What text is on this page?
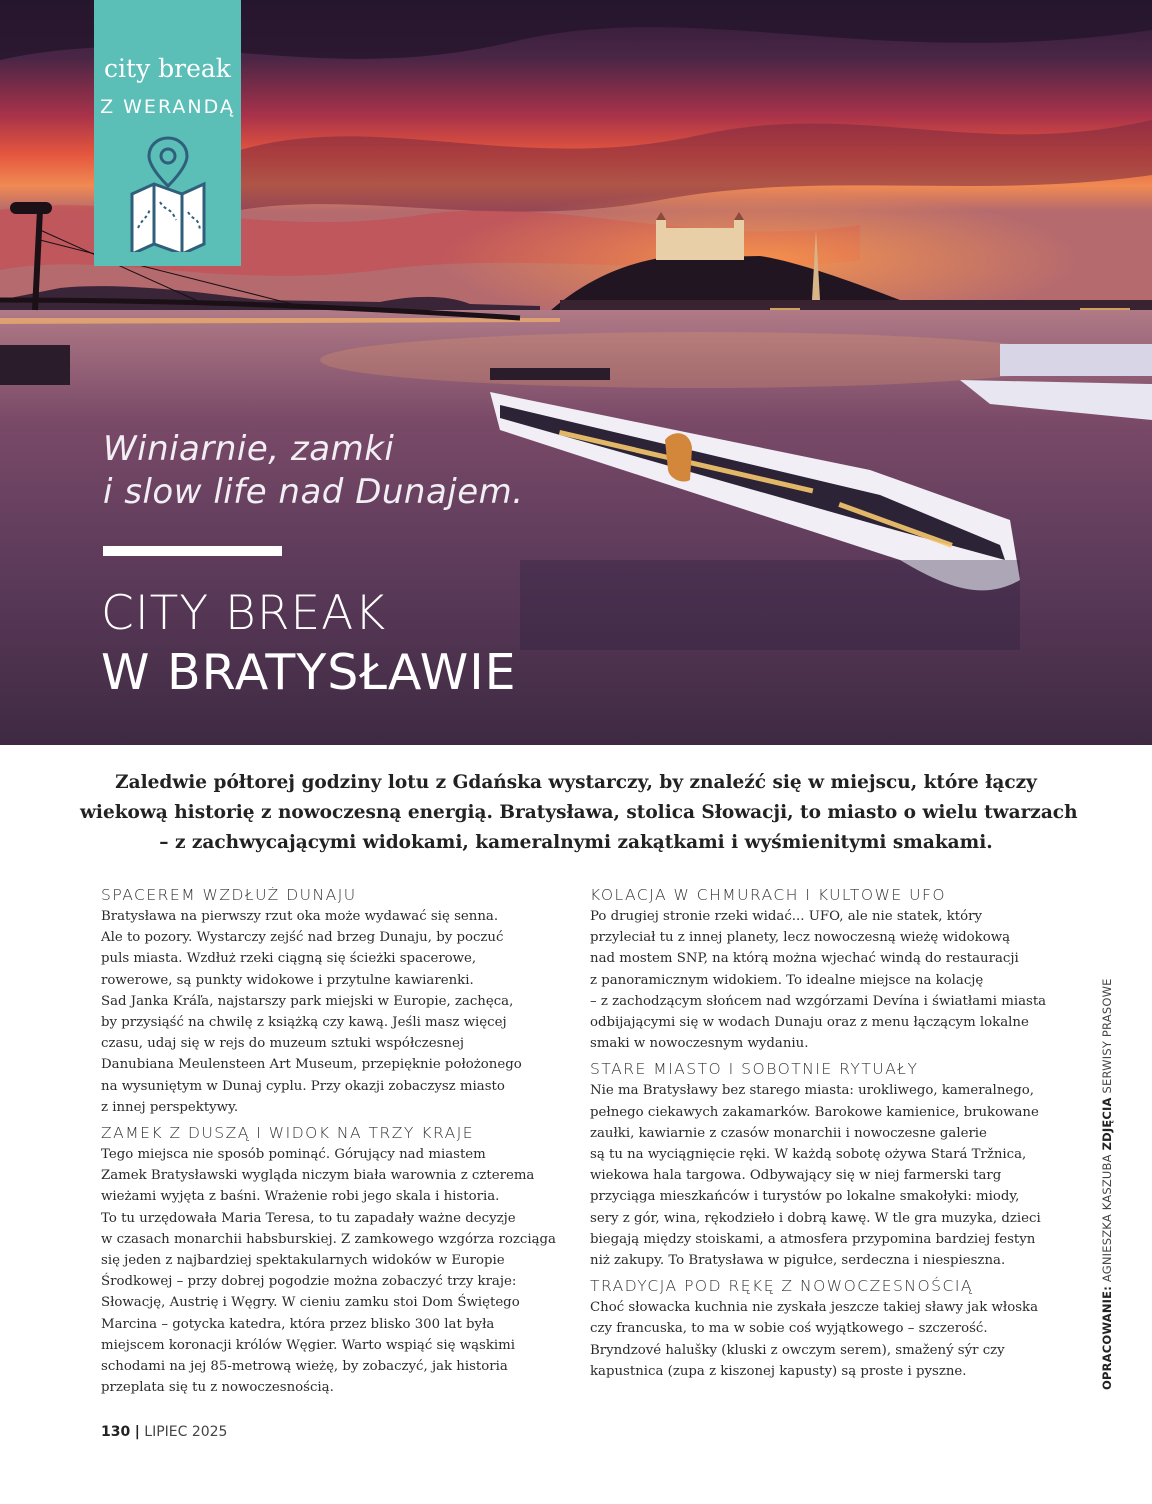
city break
Z WERANDĄ
Winiarnie, zamki
i slow life nad Dunajem.
CITY BREAK
W BRATYSŁAWIE
Zaledwie półtorej godziny lotu z Gdańska wystarczy, by znaleźć się w miejscu, które łączy
wiekową historię z nowoczesną energią. Bratysława, stolica Słowacji, to miasto o wielu twarzach
– z zachwycającymi widokami, kameralnymi zakątkami i wyśmienitymi smakami.
SPACEREM WZDŁUŻ DUNAJU
Bratysława na pierwszy rzut oka może wydawać się senna.
Ale to pozory. Wystarczy zejść nad brzeg Dunaju, by poczuć
puls miasta. Wzdłuż rzeki ciągną się ścieżki spacerowe,
rowerowe, są punkty widokowe i przytulne kawiarenki.
Sad Janka Kráľa, najstarszy park miejski w Europie, zachęca,
by przysiąść na chwilę z książką czy kawą. Jeśli masz więcej
czasu, udaj się w rejs do muzeum sztuki współczesnej
Danubiana Meulensteen Art Museum, przepięknie położonego
na wysuniętym w Dunaj cyplu. Przy okazji zobaczysz miasto
z innej perspektywy.
ZAMEK Z DUSZĄ I WIDOK NA TRZY KRAJE
Tego miejsca nie sposób pominąć. Górujący nad miastem
Zamek Bratysławski wygląda niczym biała warownia z czterema
wieżami wyjęta z baśni. Wrażenie robi jego skala i historia.
To tu urzędowała Maria Teresa, to tu zapadały ważne decyzje
w czasach monarchii habsburskiej. Z zamkowego wzgórza rozciąga
się jeden z najbardziej spektakularnych widoków w Europie
Środkowej – przy dobrej pogodzie można zobaczyć trzy kraje:
Słowację, Austrię i Węgry. W cieniu zamku stoi Dom Świętego
Marcina – gotycka katedra, która przez blisko 300 lat była
miejscem koronacji królów Węgier. Warto wspiąć się wąskimi
schodami na jej 85-metrową wieżę, by zobaczyć, jak historia
przeplata się tu z nowoczesnością.
KOLACJA W CHMURACH I KULTOWE UFO
Po drugiej stronie rzeki widać... UFO, ale nie statek, który
przyleciał tu z innej planety, lecz nowoczesną wieżę widokową
nad mostem SNP, na którą można wjechać windą do restauracji
z panoramicznym widokiem. To idealne miejsce na kolację
– z zachodzącym słońcem nad wzgórzami Devína i światłami miasta
odbijającymi się w wodach Dunaju oraz z menu łączącym lokalne
smaki w nowoczesnym wydaniu.
STARE MIASTO I SOBOTNIE RYTUAŁY
Nie ma Bratysławy bez starego miasta: urokliwego, kameralnego,
pełnego ciekawych zakamarków. Barokowe kamienice, brukowane
zaułki, kawiarnie z czasów monarchii i nowoczesne galerie
są tu na wyciągnięcie ręki. W każdą sobotę ożywa Stará Tržnica,
wiekowa hala targowa. Odbywający się w niej farmerski targ
przyciąga mieszkańców i turystów po lokalne smakołyki: miody,
sery z gór, wina, rękodzieło i dobrą kawę. W tle gra muzyka, dzieci
biegają między stoiskami, a atmosfera przypomina bardziej festyn
niż zakupy. To Bratysława w pigułce, serdeczna i niespieszna.
TRADYCJA POD RĘKĘ Z NOWOCZESNOŚCIĄ
Choć słowacka kuchnia nie zyskała jeszcze takiej sławy jak włoska
czy francuska, to ma w sobie coś wyjątkowego – szczerość.
Bryndzové halušky (kluski z owczym serem), smažený sýr czy
kapustnica (zupa z kiszonej kapusty) są proste i pyszne.
130 | LIPIEC 2025
OPRACOWANIE: AGNIESZKA KASZUBA ZDJĘCIA SERWISY PRASOWE
